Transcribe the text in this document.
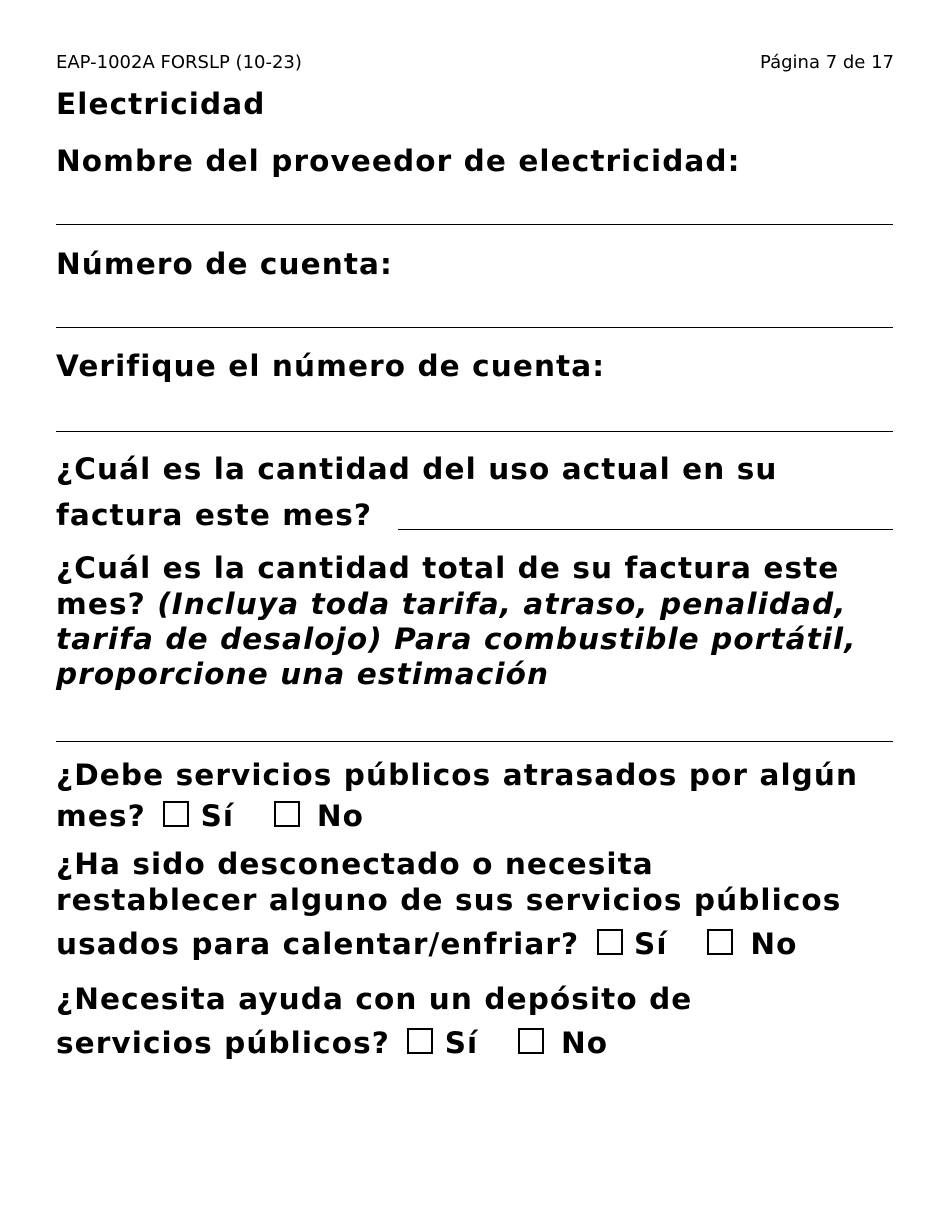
EAP-1002A FORSLP (10-23)	Página 7 de 17
Electricidad
Nombre del proveedor de electricidad:
Número de cuenta:
Verifique el número de cuenta:
¿Cuál es la cantidad del uso actual en su
factura este mes?
¿Cuál es la cantidad total de su factura este
mes? (Incluya toda tarifa, atraso, penalidad,
tarifa de desalojo) Para combustible portátil,
proporcione una estimación
¿Debe servicios públicos atrasados por algún
mes? Sí	No
¿Ha sido desconectado o necesita
restablecer alguno de sus servicios públicos
usados para calentar/enfriar? Sí	No
¿Necesita ayuda con un depósito de
servicios públicos? Sí	No
